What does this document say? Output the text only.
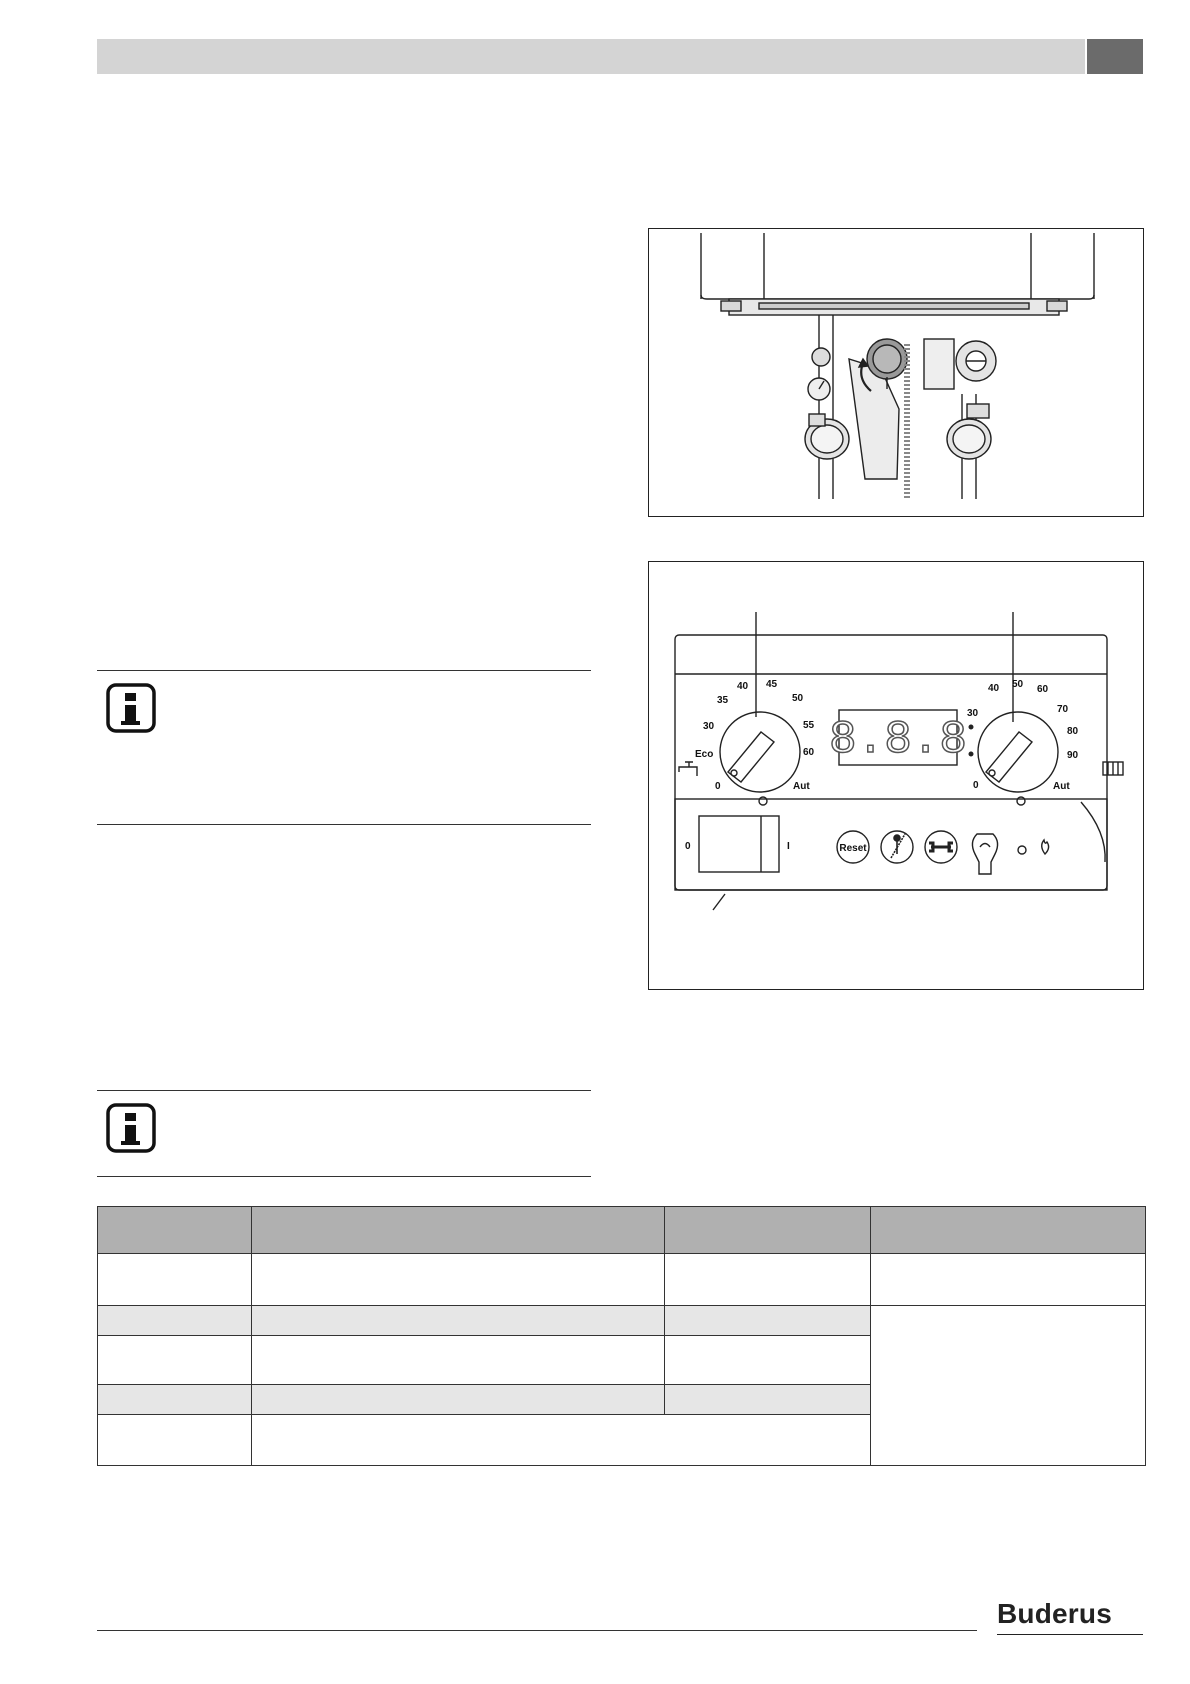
8.8.8
0
Eco
30
35
40 45
50
55
60
Aut	0
30
40 50 60
70
80
90
Aut
0	I	Reset

Buderus
